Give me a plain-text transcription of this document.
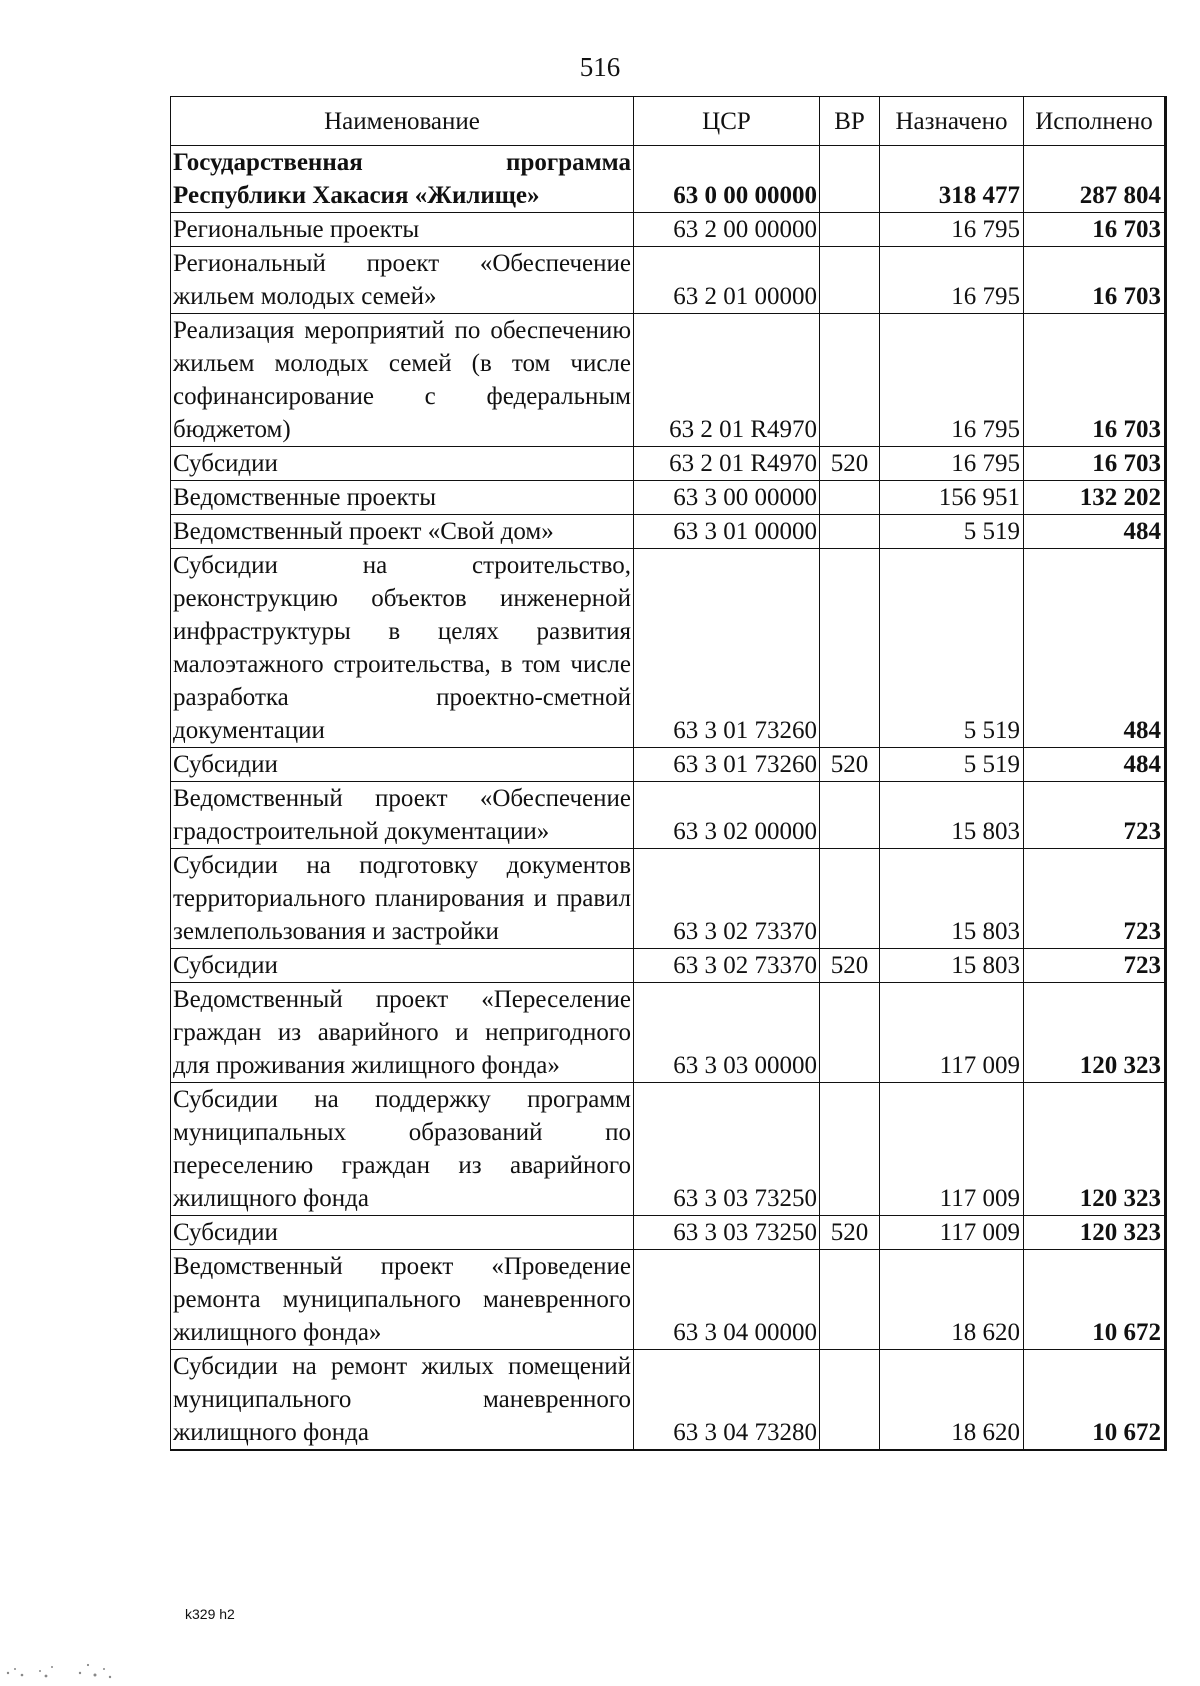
516
Наименование	ЦСР	ВР	Назначено	Исполнено
Государственная программа Республики Хакасия «Жилище»	63 0 00 00000		318 477	287 804
Региональные проекты	63 2 00 00000		16 795	16 703
Региональный проект «Обеспечение жильем молодых семей»	63 2 01 00000		16 795	16 703
Реализация мероприятий по обеспечению жильем молодых семей (в том числе софинансирование с федеральным бюджетом)	63 2 01 R4970		16 795	16 703
Субсидии	63 2 01 R4970	520	16 795	16 703
Ведомственные проекты	63 3 00 00000		156 951	132 202
Ведомственный проект «Свой дом»	63 3 01 00000		5 519	484
Субсидии на строительство, реконструкцию объектов инженерной инфраструктуры в целях развития малоэтажного строительства, в том числе разработка проектно-сметной документации	63 3 01 73260		5 519	484
Субсидии	63 3 01 73260	520	5 519	484
Ведомственный проект «Обеспечение градостроительной документации»	63 3 02 00000		15 803	723
Субсидии на подготовку документов территориального планирования и правил землепользования и застройки	63 3 02 73370		15 803	723
Субсидии	63 3 02 73370	520	15 803	723
Ведомственный проект «Переселение граждан из аварийного и непригодного для проживания жилищного фонда»	63 3 03 00000		117 009	120 323
Субсидии на поддержку программ муниципальных образований по переселению граждан из аварийного жилищного фонда	63 3 03 73250		117 009	120 323
Субсидии	63 3 03 73250	520	117 009	120 323
Ведомственный проект «Проведение ремонта муниципального маневренного жилищного фонда»	63 3 04 00000		18 620	10 672
Субсидии на ремонт жилых помещений муниципального маневренного жилищного фонда	63 3 04 73280		18 620	10 672
k329 h2
